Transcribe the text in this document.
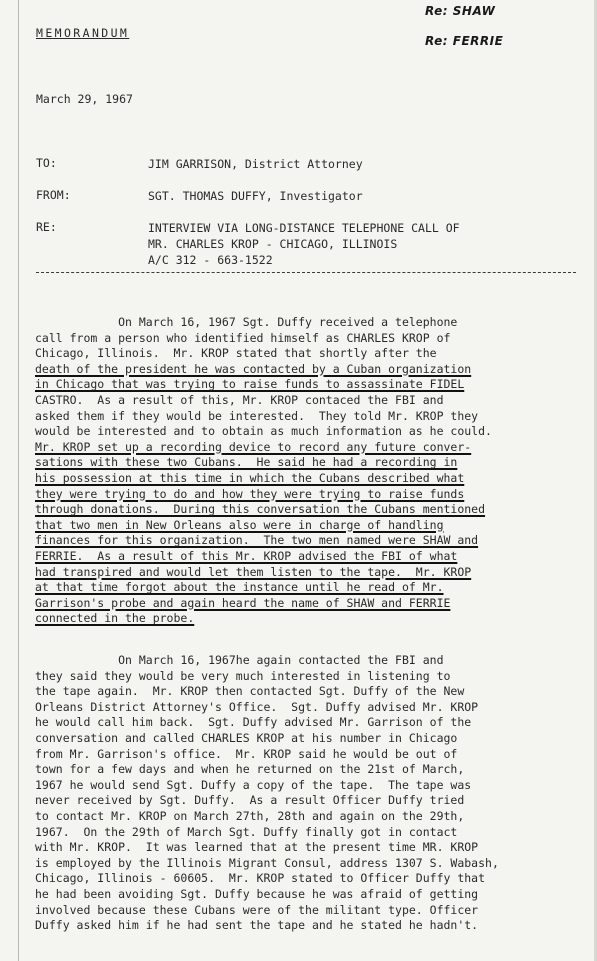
Re: SHAW
Re: FERRIE
MEMORANDUM
March 29, 1967
TO:	JIM GARRISON, District Attorney
FROM:	SGT. THOMAS DUFFY, Investigator
RE:	INTERVIEW VIA LONG-DISTANCE TELEPHONE CALL OF
MR. CHARLES KROP - CHICAGO, ILLINOIS
A/C 312 - 663-1522
On March 16, 1967 Sgt. Duffy received a telephone
call from a person who identified himself as CHARLES KROP of
Chicago, Illinois.  Mr. KROP stated that shortly after the
death of the president he was contacted by a Cuban organization
in Chicago that was trying to raise funds to assassinate FIDEL
CASTRO.  As a result of this, Mr. KROP contaced the FBI and
asked them if they would be interested.  They told Mr. KROP they
would be interested and to obtain as much information as he could.
Mr. KROP set up a recording device to record any future conver-
sations with these two Cubans.  He said he had a recording in
his possession at this time in which the Cubans described what
they were trying to do and how they were trying to raise funds
through donations.  During this conversation the Cubans mentioned
that two men in New Orleans also were in charge of handling
finances for this organization.  The two men named were SHAW and
FERRIE.  As a result of this Mr. KROP advised the FBI of what
had transpired and would let them listen to the tape.  Mr. KROP
at that time forgot about the instance until he read of Mr.
Garrison's probe and again heard the name of SHAW and FERRIE
connected in the probe.
On March 16, 1967he again contacted the FBI and
they said they would be very much interested in listening to
the tape again.  Mr. KROP then contacted Sgt. Duffy of the New
Orleans District Attorney's Office.  Sgt. Duffy advised Mr. KROP
he would call him back.  Sgt. Duffy advised Mr. Garrison of the
conversation and called CHARLES KROP at his number in Chicago
from Mr. Garrison's office.  Mr. KROP said he would be out of
town for a few days and when he returned on the 21st of March,
1967 he would send Sgt. Duffy a copy of the tape.  The tape was
never received by Sgt. Duffy.  As a result Officer Duffy tried
to contact Mr. KROP on March 27th, 28th and again on the 29th,
1967.  On the 29th of March Sgt. Duffy finally got in contact
with Mr. KROP.  It was learned that at the present time MR. KROP
is employed by the Illinois Migrant Consul, address 1307 S. Wabash,
Chicago, Illinois - 60605.  Mr. KROP stated to Officer Duffy that
he had been avoiding Sgt. Duffy because he was afraid of getting
involved because these Cubans were of the militant type. Officer
Duffy asked him if he had sent the tape and he stated he hadn't.
